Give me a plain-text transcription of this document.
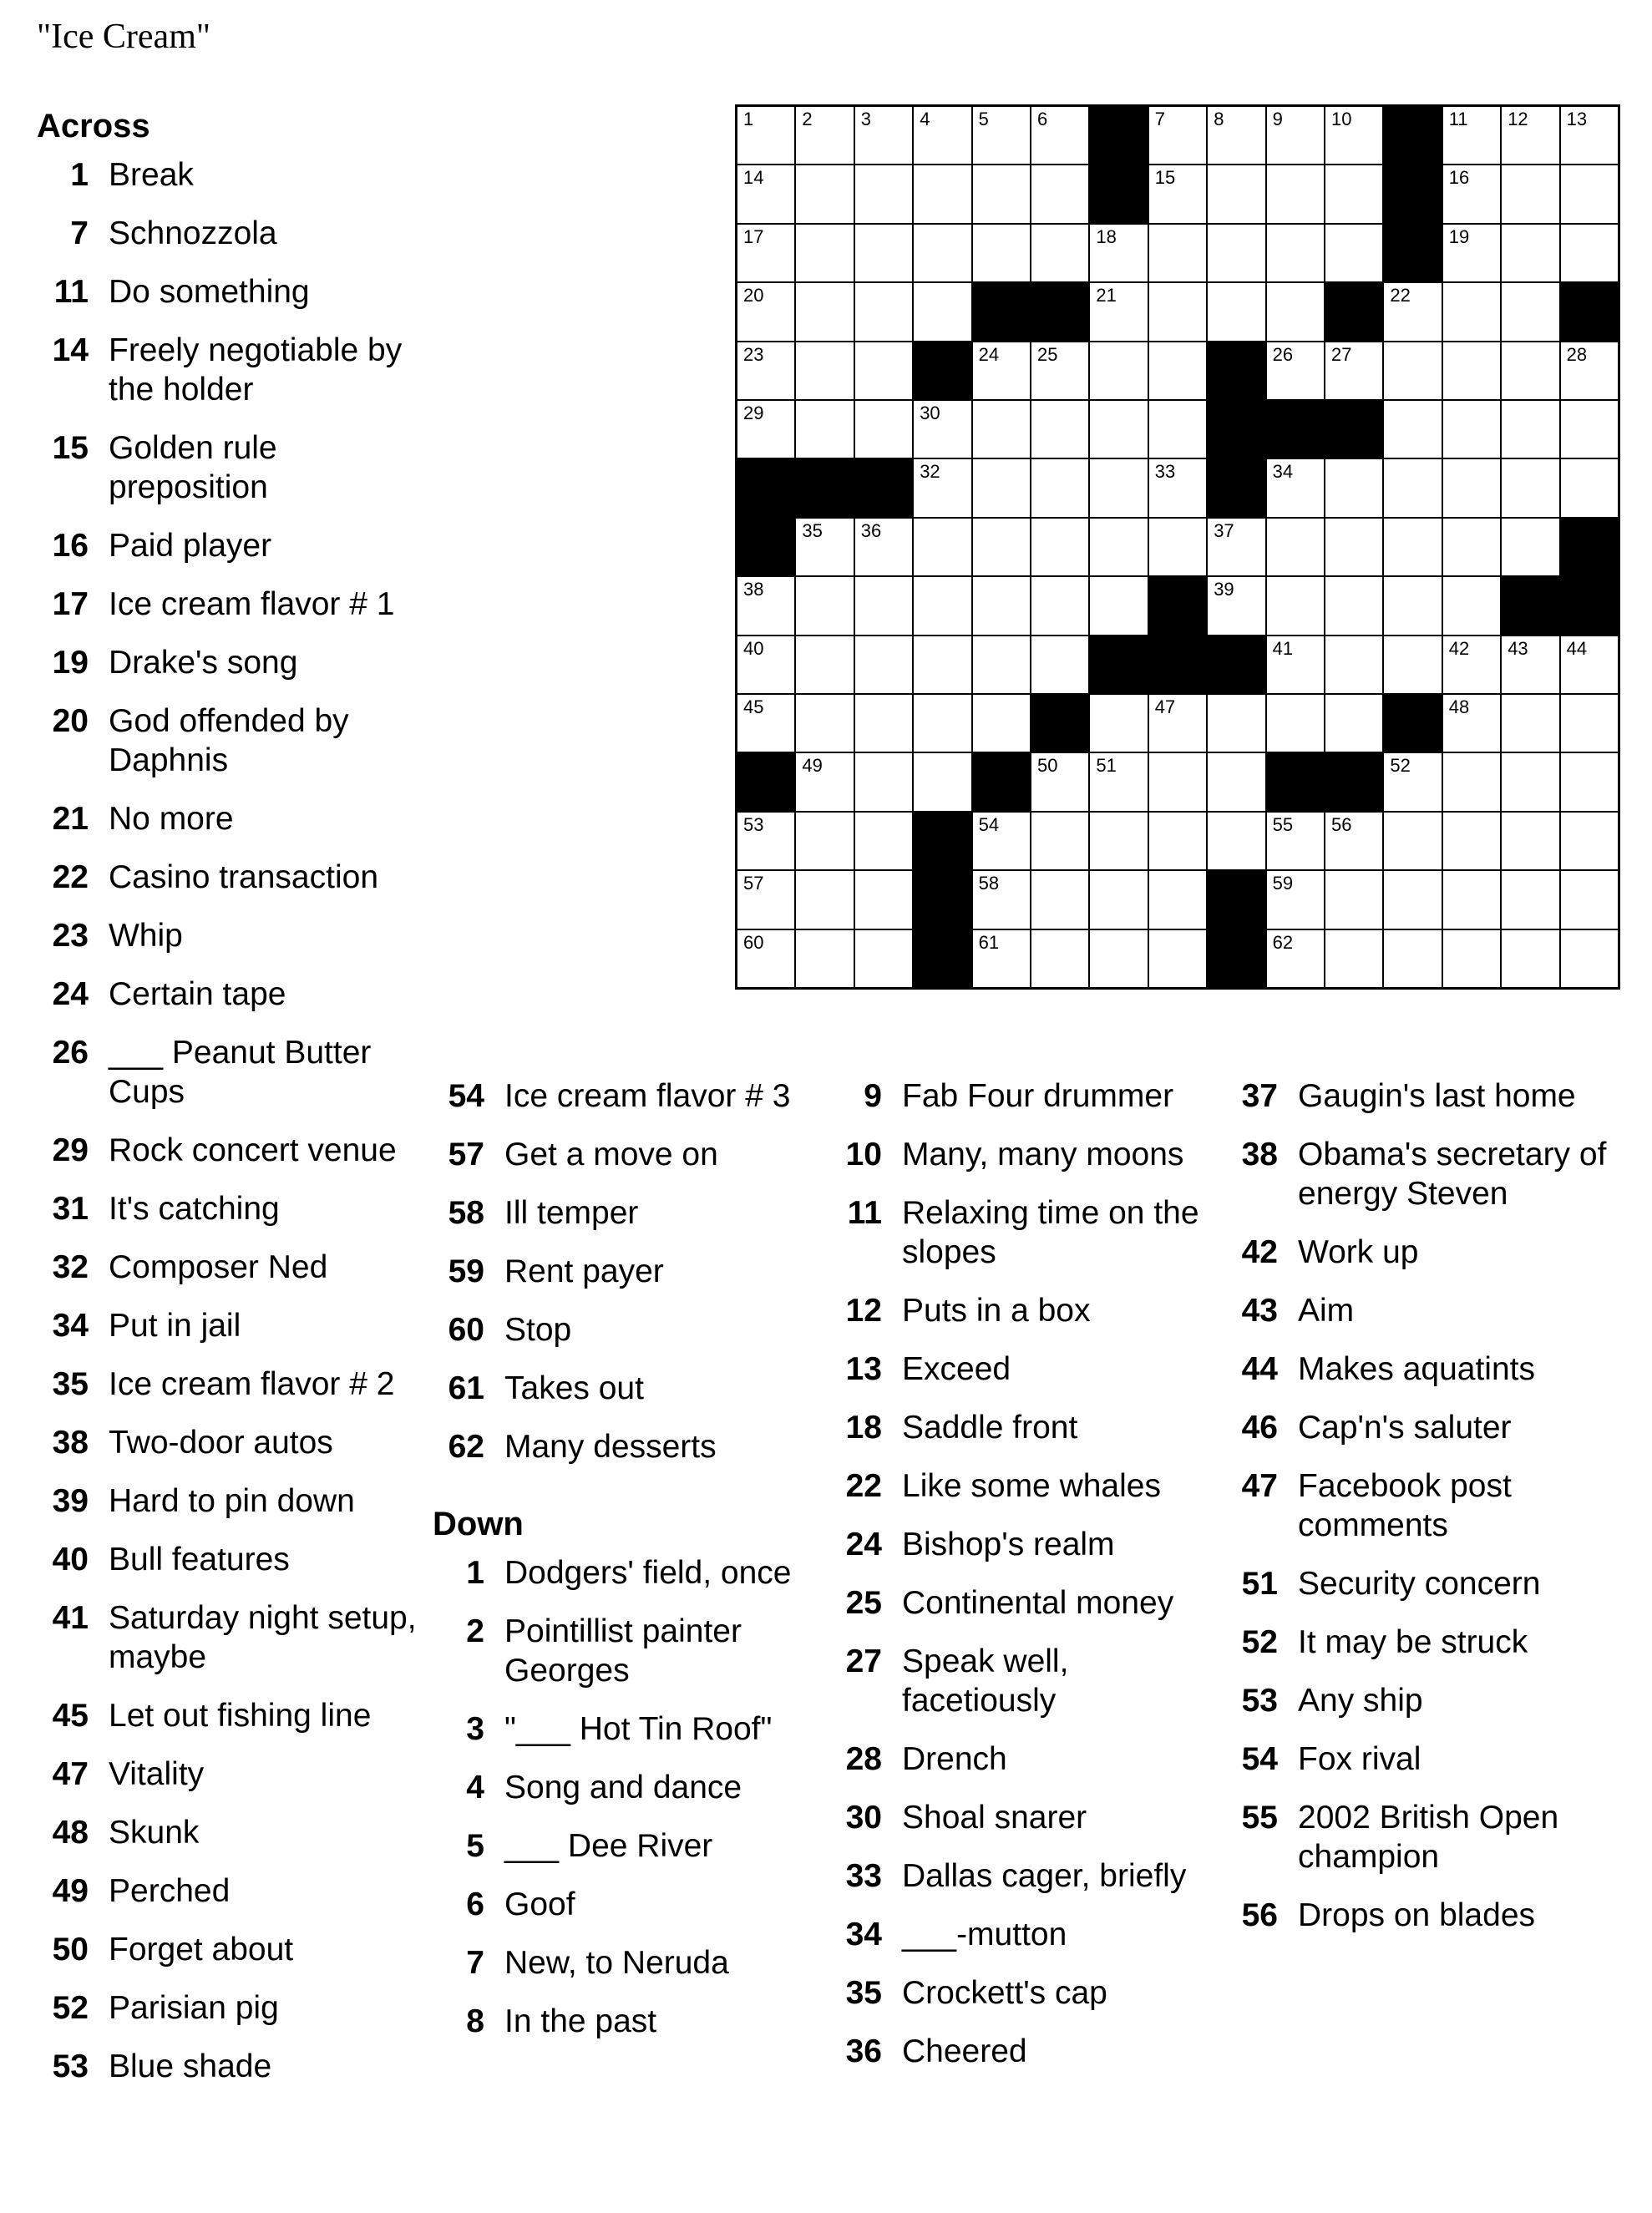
"Ice Cream"
1	2	3	4	5	6	7	8	9	10	11 12 13
14	15	16
17	18	19
20	21	22
23	24 25	26 27	28
29	30
32	33	34
35 36	37
38	39
40	41	42 43 44
45	47	48
49	50 51	52
53	54	55 56
57	58	59
60	61	62
Across
1 Break
7 Schnozzola
11 Do something
14 Freely negotiable by the holder
15 Golden rule preposition
16 Paid player
17 Ice cream flavor # 1
19 Drake's song
20 God offended by Daphnis
21 No more
22 Casino transaction
23 Whip
24 Certain tape
26 ___ Peanut Butter Cups
29 Rock concert venue
31 It's catching
32 Composer Ned
34 Put in jail
35 Ice cream flavor # 2
38 Two-door autos
39 Hard to pin down
40 Bull features
41 Saturday night setup, maybe
45 Let out fishing line
47 Vitality
48 Skunk
49 Perched
50 Forget about
52 Parisian pig
53 Blue shade
54 Ice cream flavor # 3
57 Get a move on
58 Ill temper
59 Rent payer
60 Stop
61 Takes out
62 Many desserts
Down
1 Dodgers' field, once
2 Pointillist painter Georges
3 "___ Hot Tin Roof"
4 Song and dance
5 ___ Dee River
6 Goof
7 New, to Neruda
8 In the past
9 Fab Four drummer
10 Many, many moons
11 Relaxing time on the slopes
12 Puts in a box
13 Exceed
18 Saddle front
22 Like some whales
24 Bishop's realm
25 Continental money
27 Speak well, facetiously
28 Drench
30 Shoal snarer
33 Dallas cager, briefly
34 ___-mutton
35 Crockett's cap
36 Cheered
37 Gaugin's last home
38 Obama's secretary of energy Steven
42 Work up
43 Aim
44 Makes aquatints
46 Cap'n's saluter
47 Facebook post comments
51 Security concern
52 It may be struck
53 Any ship
54 Fox rival
55 2002 British Open champion
56 Drops on blades
